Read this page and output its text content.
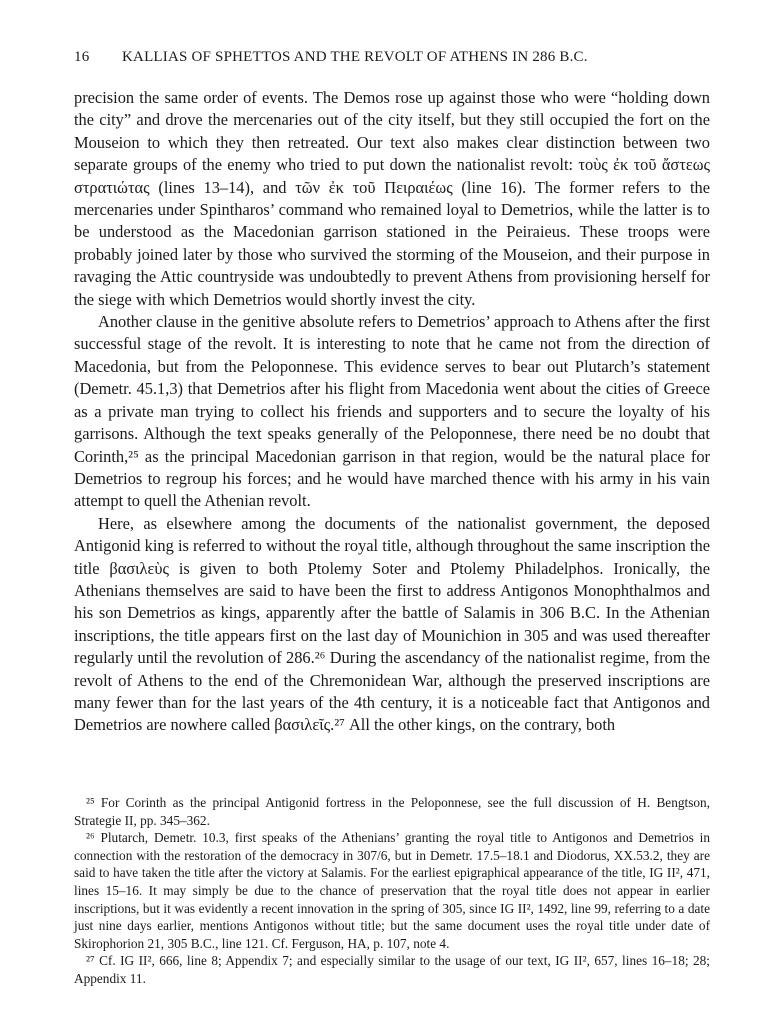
16 KALLIAS OF SPHETTOS AND THE REVOLT OF ATHENS IN 286 B.C.

precision the same order of events. The Demos rose up against those who were “holding down the city” and drove the mercenaries out of the city itself, but they still occupied the fort on the Mouseion to which they then retreated. Our text also makes clear distinction between two separate groups of the enemy who tried to put down the nationalist revolt: τοὺς ἐκ τοῦ ἄστεως στρατιώτας (lines 13–14), and τῶν ἐκ τοῦ Πειραιέως (line 16). The former refers to the mercenaries under Spintharos’ command who remained loyal to Demetrios, while the latter is to be understood as the Macedonian garrison stationed in the Peiraieus. These troops were probably joined later by those who survived the storming of the Mouseion, and their purpose in ravaging the Attic countryside was undoubtedly to prevent Athens from provisioning herself for the siege with which Demetrios would shortly invest the city.

Another clause in the genitive absolute refers to Demetrios’ approach to Athens after the first successful stage of the revolt. It is interesting to note that he came not from the direction of Macedonia, but from the Peloponnese. This evidence serves to bear out Plutarch’s statement (Demetr. 45.1,3) that Demetrios after his flight from Macedonia went about the cities of Greece as a private man trying to collect his friends and supporters and to secure the loyalty of his garrisons. Although the text speaks generally of the Peloponnese, there need be no doubt that Corinth,²⁵ as the principal Macedonian garrison in that region, would be the natural place for Demetrios to regroup his forces; and he would have marched thence with his army in his vain attempt to quell the Athenian revolt.

Here, as elsewhere among the documents of the nationalist government, the deposed Antigonid king is referred to without the royal title, although throughout the same inscription the title βασιλεὺς is given to both Ptolemy Soter and Ptolemy Philadelphos. Ironically, the Athenians themselves are said to have been the first to address Antigonos Monophthalmos and his son Demetrios as kings, apparently after the battle of Salamis in 306 B.C. In the Athenian inscriptions, the title appears first on the last day of Mounichion in 305 and was used thereafter regularly until the revolution of 286.²⁶ During the ascendancy of the nationalist regime, from the revolt of Athens to the end of the Chremonidean War, although the preserved inscriptions are many fewer than for the last years of the 4th century, it is a noticeable fact that Antigonos and Demetrios are nowhere called βασιλεῖς.²⁷ All the other kings, on the contrary, both

²⁵ For Corinth as the principal Antigonid fortress in the Peloponnese, see the full discussion of H. Bengtson, Strategie II, pp. 345–362.

²⁶ Plutarch, Demetr. 10.3, first speaks of the Athenians’ granting the royal title to Antigonos and Demetrios in connection with the restoration of the democracy in 307/6, but in Demetr. 17.5–18.1 and Diodorus, XX.53.2, they are said to have taken the title after the victory at Salamis. For the earliest epigraphical appearance of the title, IG II², 471, lines 15–16. It may simply be due to the chance of preservation that the royal title does not appear in earlier inscriptions, but it was evidently a recent innovation in the spring of 305, since IG II², 1492, line 99, referring to a date just nine days earlier, mentions Antigonos without title; but the same document uses the royal title under date of Skirophorion 21, 305 B.C., line 121. Cf. Ferguson, HA, p. 107, note 4.

²⁷ Cf. IG II², 666, line 8; Appendix 7; and especially similar to the usage of our text, IG II², 657, lines 16–18; 28; Appendix 11.
